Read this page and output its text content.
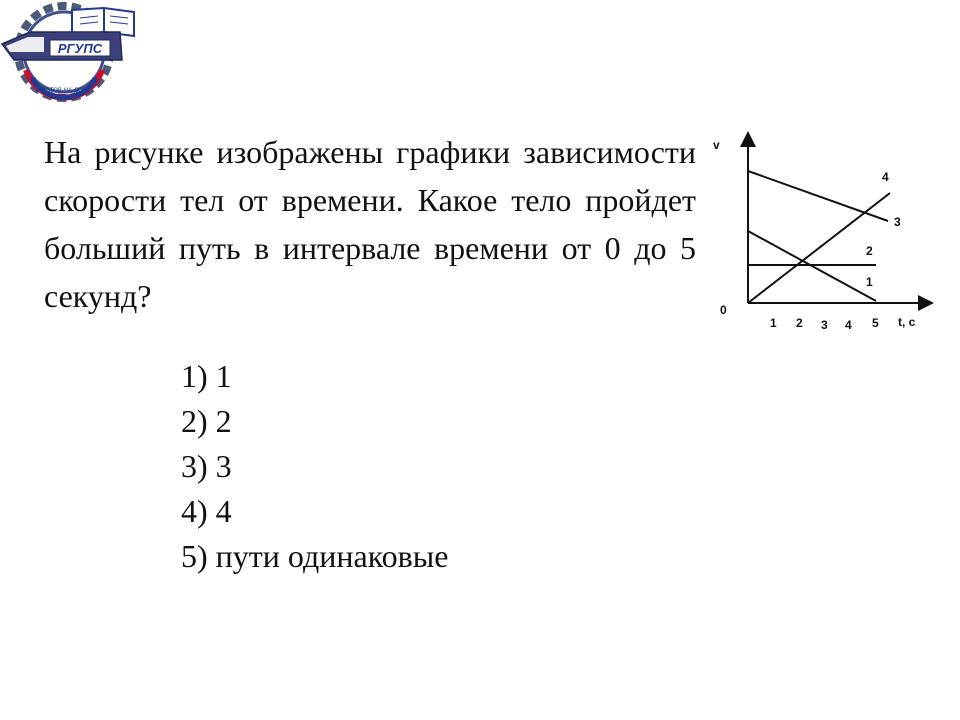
РГУПС
РОСТОВ-НА-ДОНУ
На рисунке изображены графики зависимости скорости тел от времени. Какое тело пройдет больший путь в интервале времени от 0 до 5 секунд?
1) 1
2) 2
3) 3
4) 4
5) пути одинаковые
v
t, c
0
1 2 3 4 5
1
2
3
4
